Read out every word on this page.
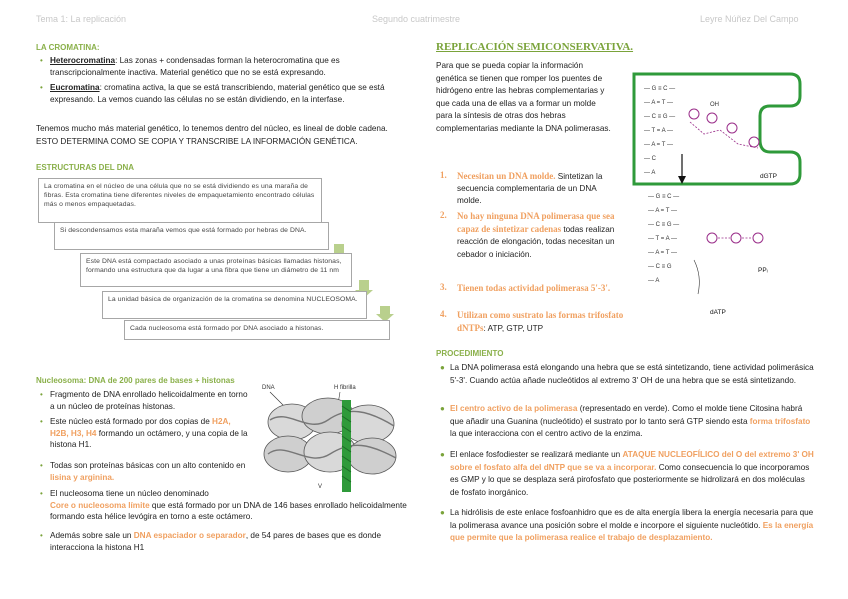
Tema 1: La replicación	Segundo cuatrimestre	Leyre Núñez Del Campo
LA CROMATINA:
• Heterocromatina: Las zonas + condensadas forman la heterocromatina que es transcripcionalmente inactiva. Material genético que no se está expresando.
• Eucromatina: cromatina activa, la que se está transcribiendo, material genético que se está expresando. La vemos cuando las células no se están dividiendo, en la interfase.
Tenemos mucho más material genético, lo tenemos dentro del núcleo, es lineal de doble cadena. ESTO DETERMINA COMO SE COPIA Y TRANSCRIBE LA INFORMACIÓN GENÉTICA.
ESTRUCTURAS DEL DNA
La cromatina en el núcleo de una célula que no se está dividiendo es una maraña de fibras. Esta cromatina tiene diferentes niveles de empaquetamiento encontrado células más o menos empaquetadas.
Si descondensamos esta maraña vemos que está formado por hebras de DNA.
Este DNA está compactado asociado a unas proteínas básicas llamadas histonas, formando una estructura que da lugar a una fibra que tiene un diámetro de 11 nm
La unidad básica de organización de la cromatina se denomina NUCLEOSOMA.
Cada nucleosoma está formado por DNA asociado a histonas.
Nucleosoma: DNA de 200 pares de bases + histonas
• Fragmento de DNA enrollado helicoidalmente en torno a un núcleo de proteínas histonas.
• Este núcleo está formado por dos copias de H2A, H2B, H3, H4 formando un octámero, y una copia de la histona H1.
• Todas son proteínas básicas con un alto contenido en lisina y arginina.
• El nucleosoma tiene un núcleo denominado
Core o nucleosoma límite que está formado por un DNA de 146 bases enrollado helicoidalmente formando esta hélice levógira en torno a este octámero.
• Además sobre sale un DNA espaciador o separador, de 54 pares de bases que es donde interacciona la histona H1
DNA	H fibrilla
V
REPLICACIÓN SEMICONSERVATIVA.
Para que se pueda copiar la información genética se tienen que romper los puentes de hidrógeno entre las hebras complementarias y que cada una de ellas va a formar un molde para la síntesis de otras dos hebras complementarias mediante la DNA polimerasas.
1. Necesitan un DNA molde. Sintetizan la secuencia complementaria de un DNA molde.
2. No hay ninguna DNA polimerasa que sea capaz de sintetizar cadenas todas realizan reacción de elongación, todas necesitan un cebador o iniciación.
3. Tienen todas actividad polimerasa 5'-3'.
4. Utilizan como sustrato las formas trifosfato dNTPs: ATP, GTP, UTP
— G ≡ C —
— A = T —
— C ≡ G —
— T = A —
— A = T —
— C
— A
OH
dGTP
— G ≡ C —
— A = T —
— C ≡ G —
— T = A —
— A = T —
— C ≡ G
— A
PPᵢ
dATP
PROCEDIMIENTO
● La DNA polimerasa está elongando una hebra que se está sintetizando, tiene actividad polimerásica 5'-3'. Cuando actúa añade nucleótidos al extremo 3' OH de una hebra que se está sintetizando.
● El centro activo de la polimerasa (representado en verde). Como el molde tiene Citosina habrá que añadir una Guanina (nucleótido) el sustrato por lo tanto será GTP siendo esta forma trifosfato la que interacciona con el centro activo de la enzima.
● El enlace fosfodiester se realizará mediante un ATAQUE NUCLEOFÍLICO del O del extremo 3' OH sobre el fosfato alfa del dNTP que se va a incorporar. Como consecuencia lo que incorporamos es GMP y lo que se desplaza será pirofosfato que posteriormente se hidrolizará en dos moléculas de fosfato inorgánico.
● La hidrólisis de este enlace fosfoanhidro que es de alta energía libera la energía necesaria para que la polimerasa avance una posición sobre el molde e incorpore el siguiente nucleótido. Es la energía que permite que la polimerasa realice el trabajo de desplazamiento.
